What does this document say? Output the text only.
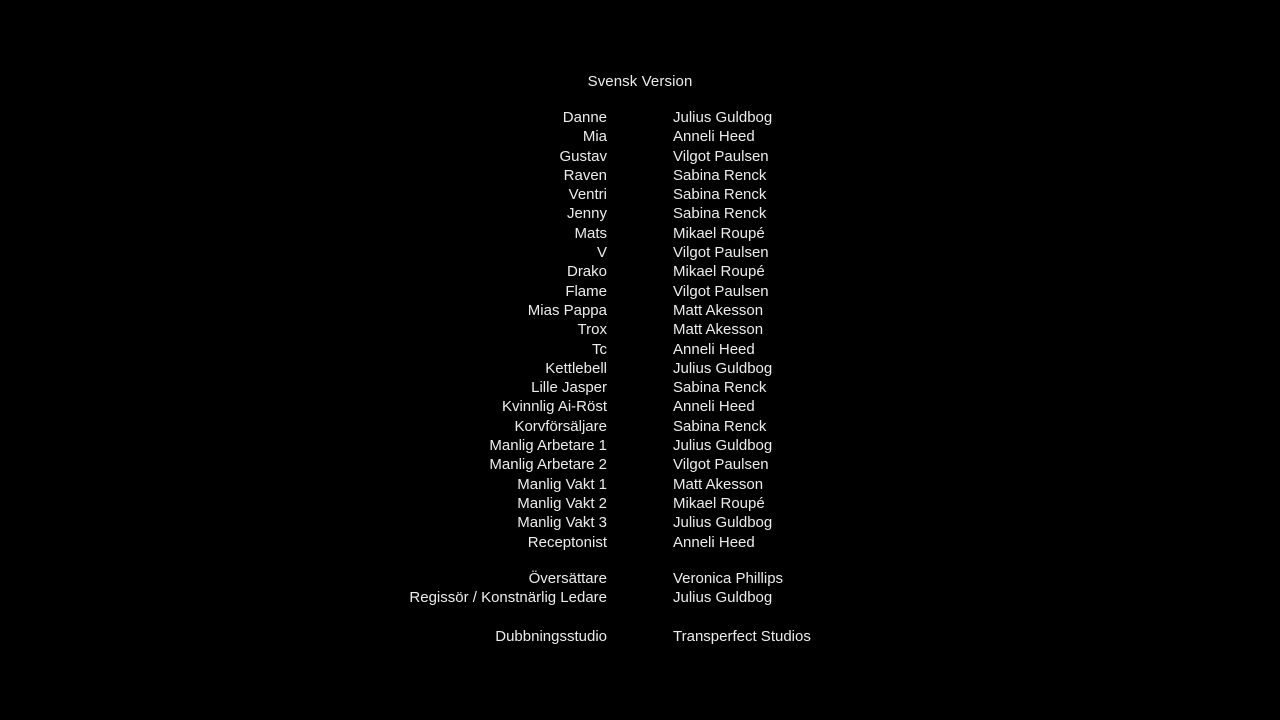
Svensk Version
Danne	Julius Guldbog
Mia	Anneli Heed
Gustav	Vilgot Paulsen
Raven	Sabina Renck
Ventri	Sabina Renck
Jenny	Sabina Renck
Mats	Mikael Roupé
V	Vilgot Paulsen
Drako	Mikael Roupé
Flame	Vilgot Paulsen
Mias Pappa	Matt Akesson
Trox	Matt Akesson
Tc	Anneli Heed
Kettlebell	Julius Guldbog
Lille Jasper	Sabina Renck
Kvinnlig Ai-Röst	Anneli Heed
Korvförsäljare	Sabina Renck
Manlig Arbetare 1	Julius Guldbog
Manlig Arbetare 2	Vilgot Paulsen
Manlig Vakt 1	Matt Akesson
Manlig Vakt 2	Mikael Roupé
Manlig Vakt 3	Julius Guldbog
Receptonist	Anneli Heed
Översättare	Veronica Phillips
Regissör / Konstnärlig Ledare	Julius Guldbog
Dubbningsstudio	Transperfect Studios
